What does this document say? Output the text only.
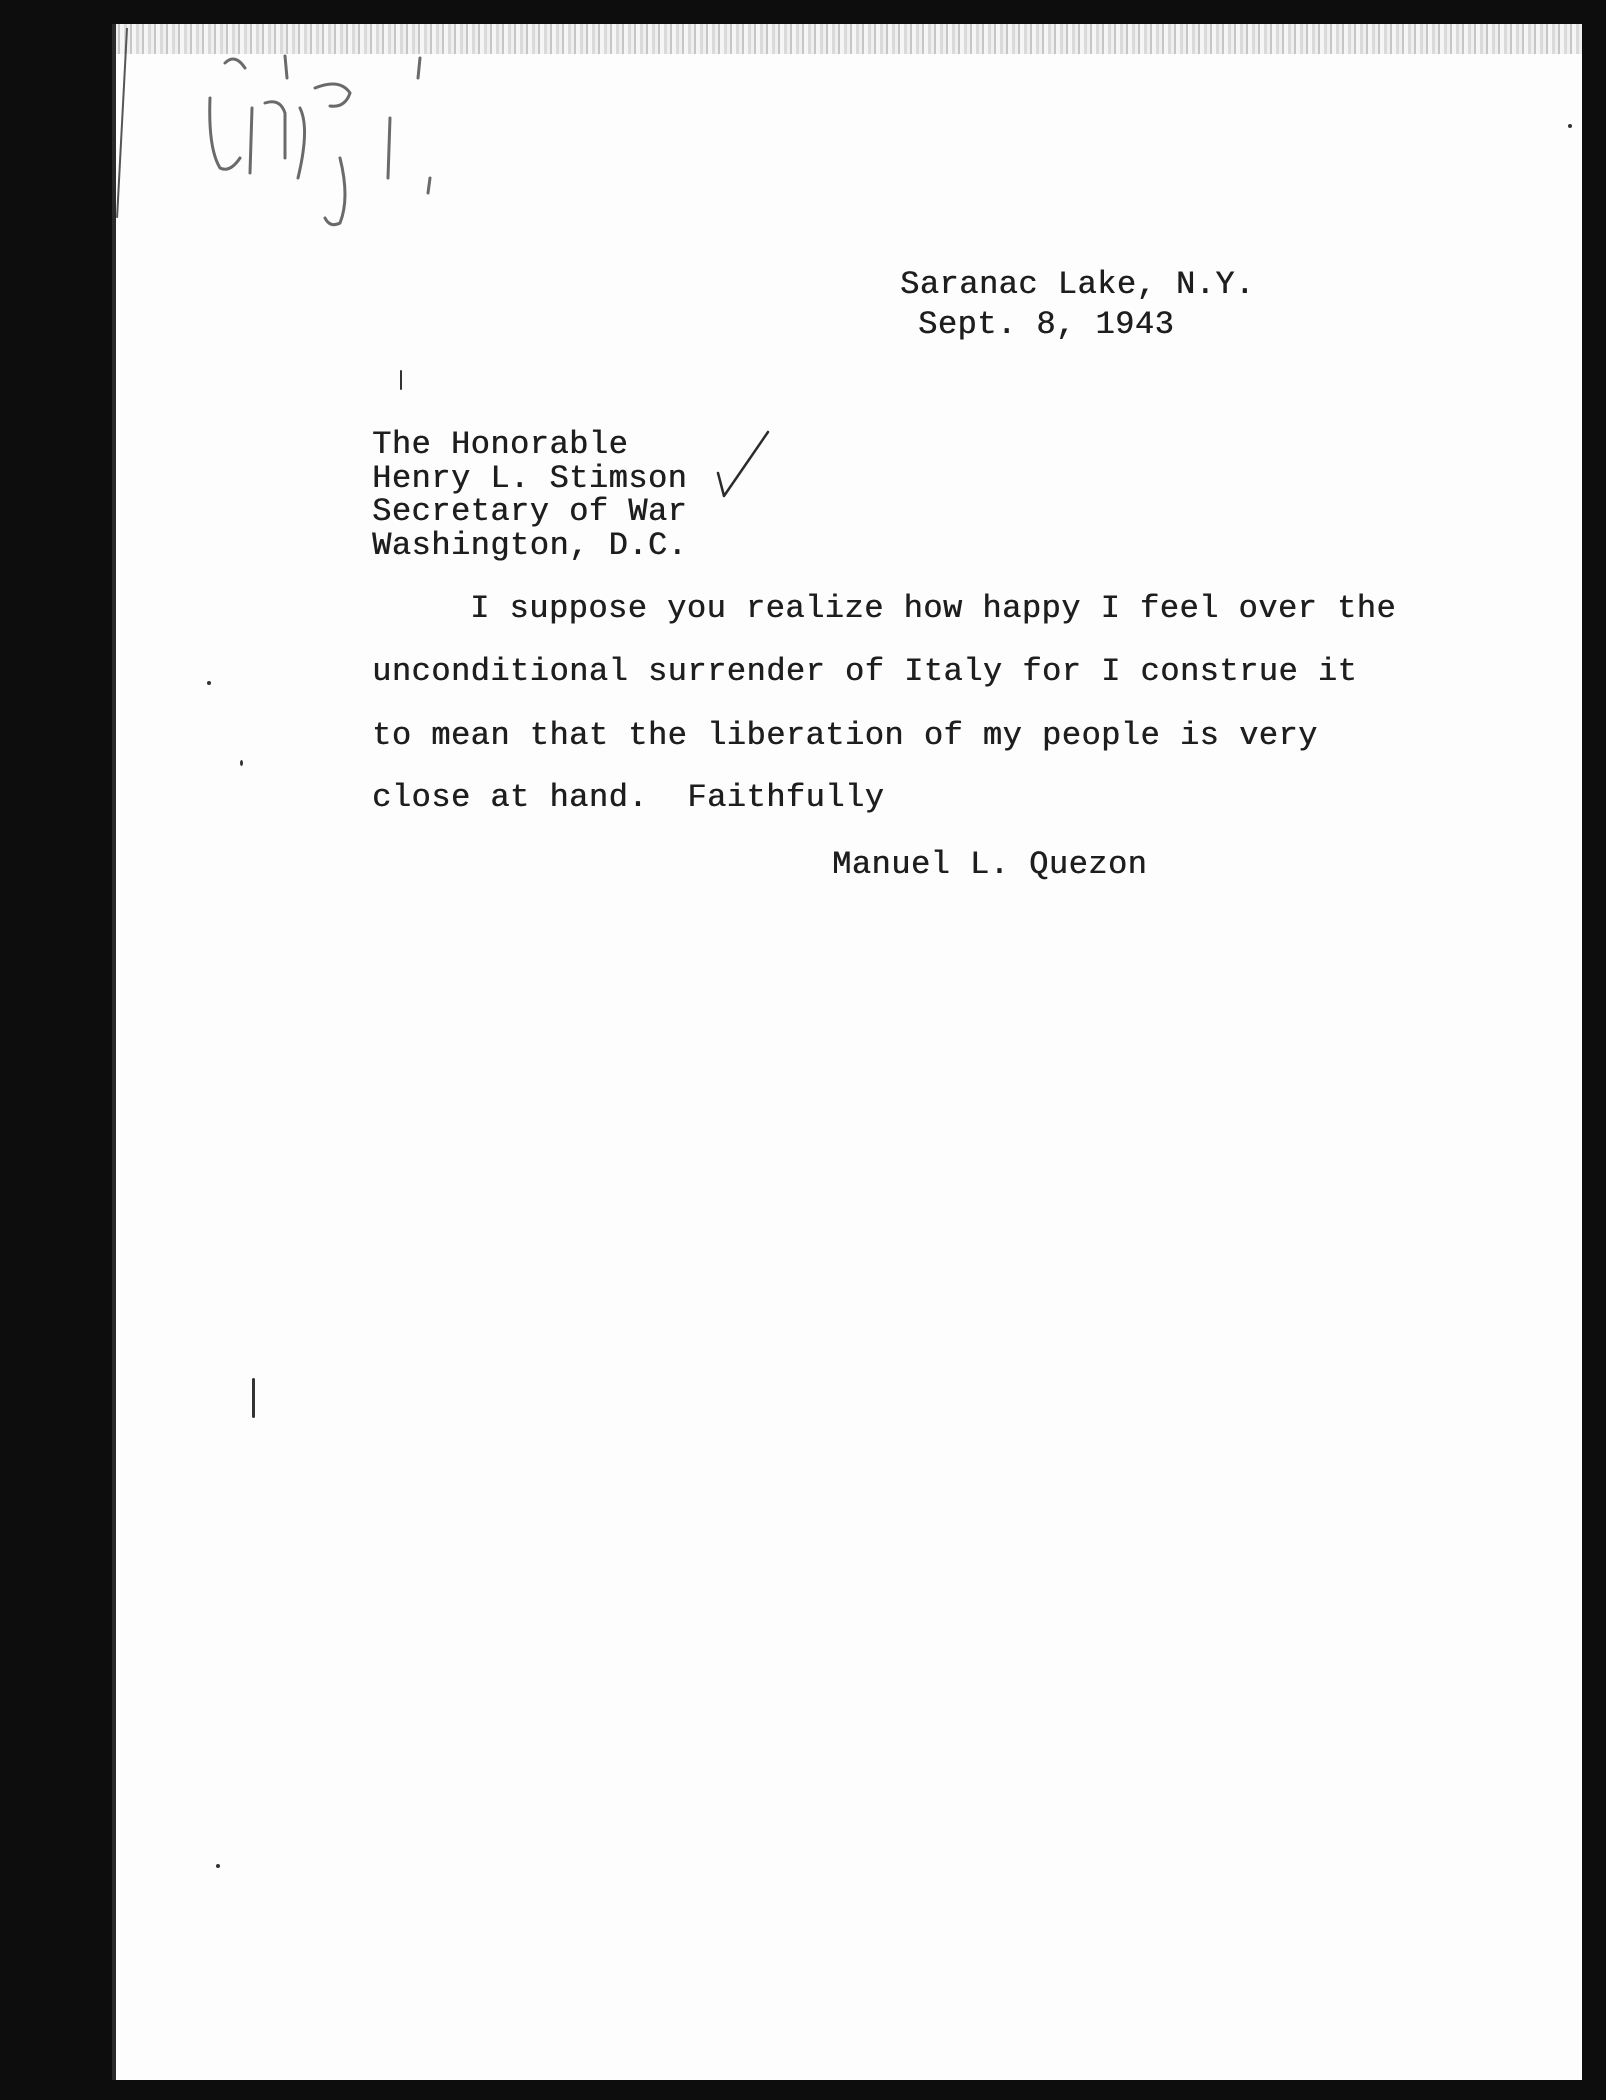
Saranac Lake, N.Y.
Sept. 8, 1943
The Honorable
Henry L. Stimson
Secretary of War
Washington, D.C.
I suppose you realize how happy I feel over the
unconditional surrender of Italy for I construe it
to mean that the liberation of my people is very
close at hand.  Faithfully
Manuel L. Quezon
